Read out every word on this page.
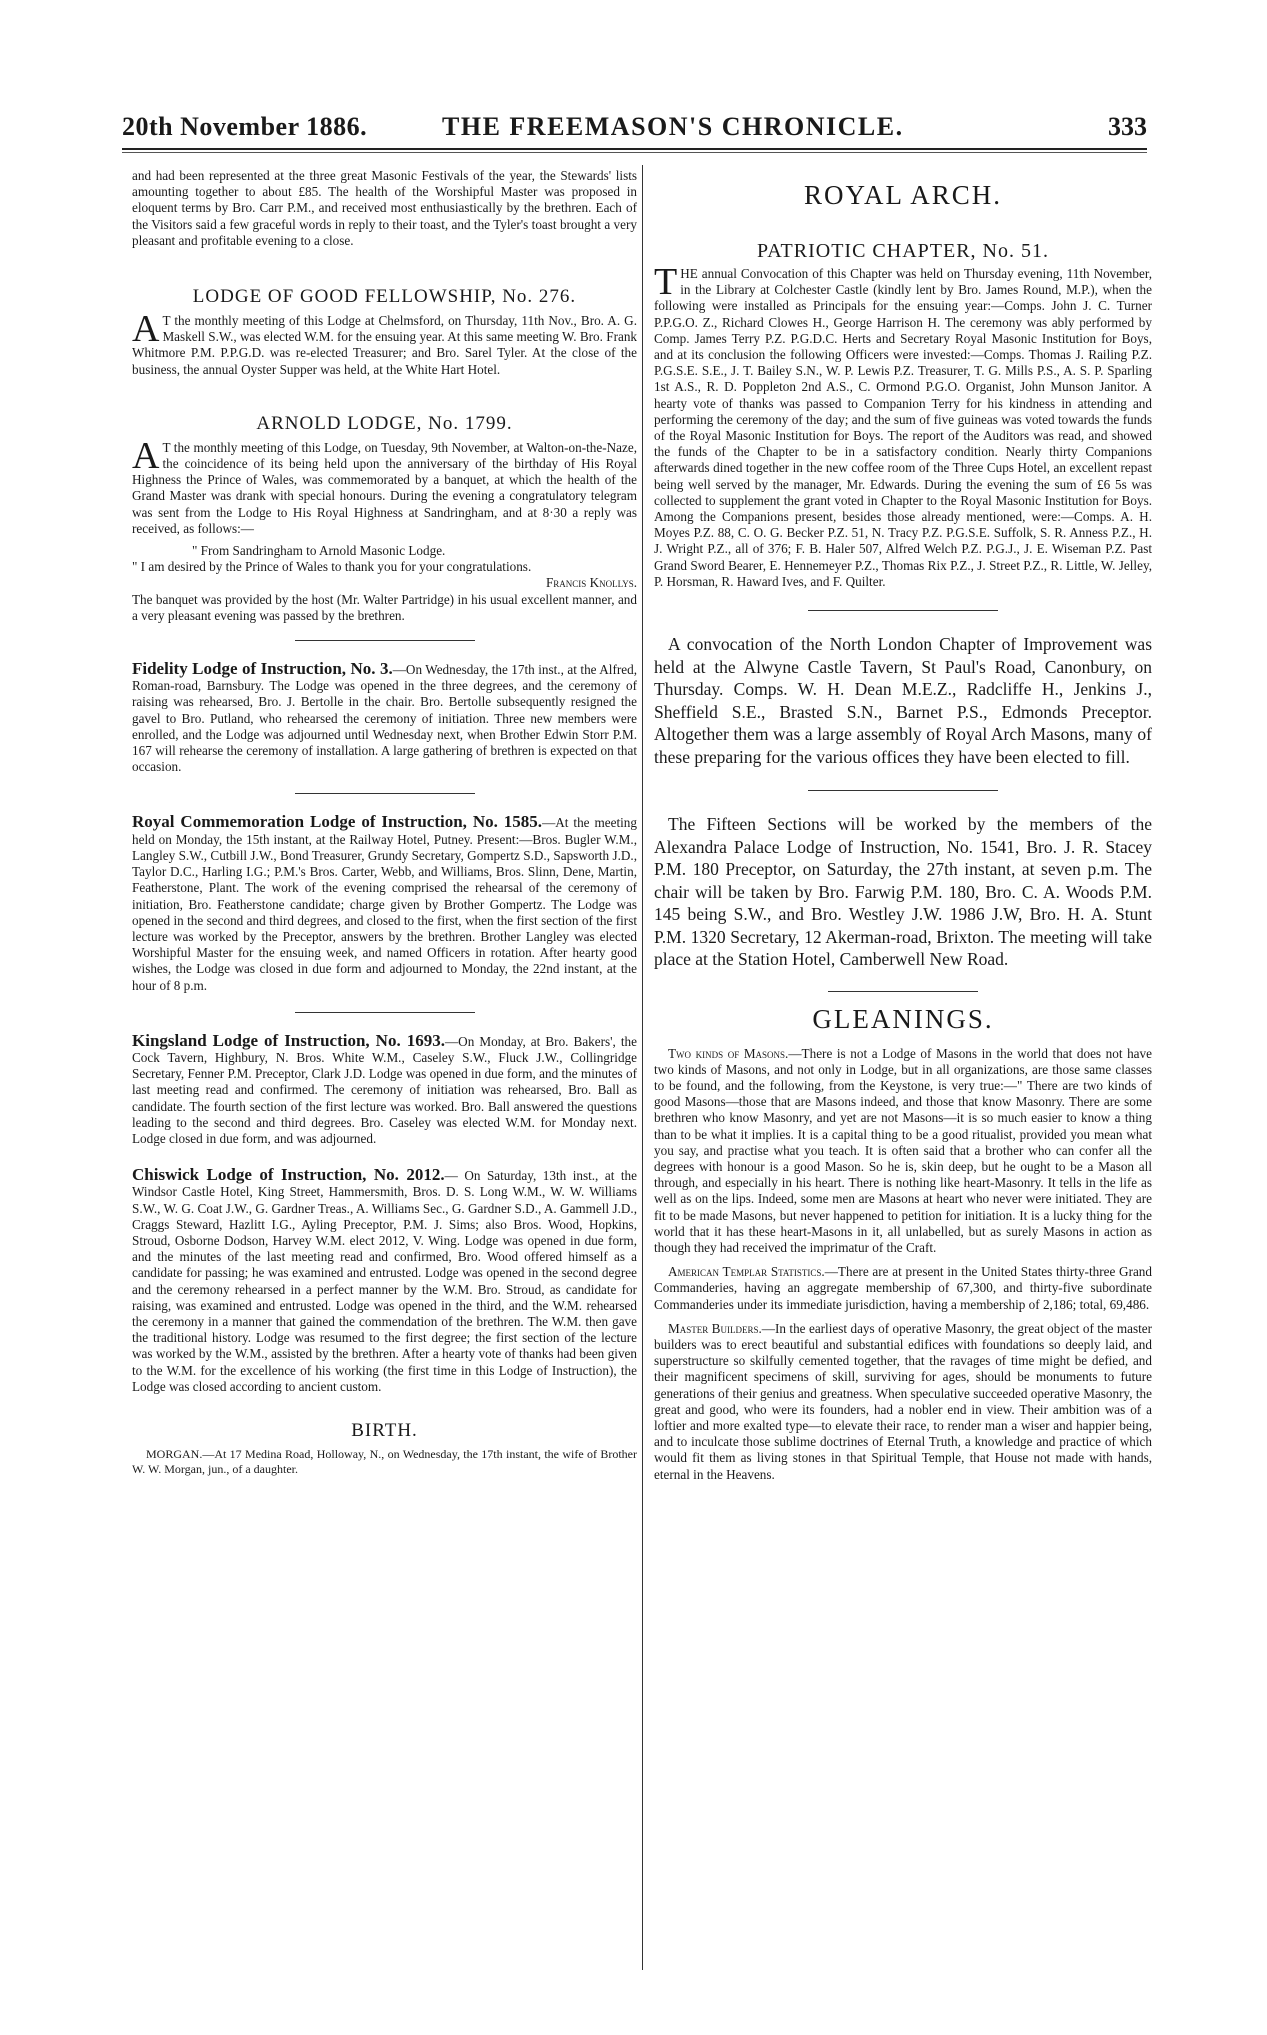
20th November 1886.	THE FREEMASON'S CHRONICLE.	333

and had been represented at the three great Masonic Festivals of the year, the Stewards' lists amounting together to about £85. The health of the Worshipful Master was proposed in eloquent terms by Bro. Carr P.M., and received most enthusiastically by the brethren. Each of the Visitors said a few graceful words in reply to their toast, and the Tyler's toast brought a very pleasant and profitable evening to a close.

LODGE OF GOOD FELLOWSHIP, No. 276.

A T the monthly meeting of this Lodge at Chelmsford, on Thursday, 11th Nov., Bro. A. G. Maskell S.W., was elected W.M. for the ensuing year. At this same meeting W. Bro. Frank Whitmore P.M. P.P.G.D. was re-elected Treasurer; and Bro. Sarel Tyler. At the close of the business, the annual Oyster Supper was held, at the White Hart Hotel.

ARNOLD LODGE, No. 1799.

A T the monthly meeting of this Lodge, on Tuesday, 9th November, at Walton-on-the-Naze, the coincidence of its being held upon the anniversary of the birthday of His Royal Highness the Prince of Wales, was commemorated by a banquet, at which the health of the Grand Master was drank with special honours. During the evening a congratulatory telegram was sent from the Lodge to His Royal Highness at Sandringham, and at 8·30 a reply was received, as follows:—

" From Sandringham to Arnold Masonic Lodge.

" I am desired by the Prince of Wales to thank you for your congratulations.

Francis Knollys.

The banquet was provided by the host (Mr. Walter Partridge) in his usual excellent manner, and a very pleasant evening was passed by the brethren.

Fidelity Lodge of Instruction, No. 3.—On Wednesday, the 17th inst., at the Alfred, Roman-road, Barnsbury. The Lodge was opened in the three degrees, and the ceremony of raising was rehearsed, Bro. J. Bertolle in the chair. Bro. Bertolle subsequently resigned the gavel to Bro. Putland, who rehearsed the ceremony of initiation. Three new members were enrolled, and the Lodge was adjourned until Wednesday next, when Brother Edwin Storr P.M. 167 will rehearse the ceremony of installation. A large gathering of brethren is expected on that occasion.

Royal Commemoration Lodge of Instruction, No. 1585.—At the meeting held on Monday, the 15th instant, at the Railway Hotel, Putney. Present:—Bros. Bugler W.M., Langley S.W., Cutbill J.W., Bond Treasurer, Grundy Secretary, Gompertz S.D., Sapsworth J.D., Taylor D.C., Harling I.G.; P.M.'s Bros. Carter, Webb, and Williams, Bros. Slinn, Dene, Martin, Featherstone, Plant. The work of the evening comprised the rehearsal of the ceremony of initiation, Bro. Featherstone candidate; charge given by Brother Gompertz. The Lodge was opened in the second and third degrees, and closed to the first, when the first section of the first lecture was worked by the Preceptor, answers by the brethren. Brother Langley was elected Worshipful Master for the ensuing week, and named Officers in rotation. After hearty good wishes, the Lodge was closed in due form and adjourned to Monday, the 22nd instant, at the hour of 8 p.m.

Kingsland Lodge of Instruction, No. 1693.—On Monday, at Bro. Bakers', the Cock Tavern, Highbury, N. Bros. White W.M., Caseley S.W., Fluck J.W., Collingridge Secretary, Fenner P.M. Preceptor, Clark J.D. Lodge was opened in due form, and the minutes of last meeting read and confirmed. The ceremony of initiation was rehearsed, Bro. Ball as candidate. The fourth section of the first lecture was worked. Bro. Ball answered the questions leading to the second and third degrees. Bro. Caseley was elected W.M. for Monday next. Lodge closed in due form, and was adjourned.

Chiswick Lodge of Instruction, No. 2012.— On Saturday, 13th inst., at the Windsor Castle Hotel, King Street, Hammersmith, Bros. D. S. Long W.M., W. W. Williams S.W., W. G. Coat J.W., G. Gardner Treas., A. Williams Sec., G. Gardner S.D., A. Gammell J.D., Craggs Steward, Hazlitt I.G., Ayling Preceptor, P.M. J. Sims; also Bros. Wood, Hopkins, Stroud, Osborne Dodson, Harvey W.M. elect 2012, V. Wing. Lodge was opened in due form, and the minutes of the last meeting read and confirmed, Bro. Wood offered himself as a candidate for passing; he was examined and entrusted. Lodge was opened in the second degree and the ceremony rehearsed in a perfect manner by the W.M. Bro. Stroud, as candidate for raising, was examined and entrusted. Lodge was opened in the third, and the W.M. rehearsed the ceremony in a manner that gained the commendation of the brethren. The W.M. then gave the traditional history. Lodge was resumed to the first degree; the first section of the lecture was worked by the W.M., assisted by the brethren. After a hearty vote of thanks had been given to the W.M. for the excellence of his working (the first time in this Lodge of Instruction), the Lodge was closed according to ancient custom.

BIRTH.

MORGAN.—At 17 Medina Road, Holloway, N., on Wednesday, the 17th instant, the wife of Brother W. W. Morgan, jun., of a daughter.

ROYAL ARCH.
PATRIOTIC CHAPTER, No. 51.

THE annual Convocation of this Chapter was held on Thursday evening, 11th November, in the Library at Colchester Castle (kindly lent by Bro. James Round, M.P.), when the following were installed as Principals for the ensuing year:—Comps. John J. C. Turner P.P.G.O. Z., Richard Clowes H., George Harrison H. The ceremony was ably performed by Comp. James Terry P.Z. P.G.D.C. Herts and Secretary Royal Masonic Institution for Boys, and at its conclusion the following Officers were invested:—Comps. Thomas J. Railing P.Z. P.G.S.E. S.E., J. T. Bailey S.N., W. P. Lewis P.Z. Treasurer, T. G. Mills P.S., A. S. P. Sparling 1st A.S., R. D. Poppleton 2nd A.S., C. Ormond P.G.O. Organist, John Munson Janitor. A hearty vote of thanks was passed to Companion Terry for his kindness in attending and performing the ceremony of the day; and the sum of five guineas was voted towards the funds of the Royal Masonic Institution for Boys. The report of the Auditors was read, and showed the funds of the Chapter to be in a satisfactory condition. Nearly thirty Companions afterwards dined together in the new coffee room of the Three Cups Hotel, an excellent repast being well served by the manager, Mr. Edwards. During the evening the sum of £6 5s was collected to supplement the grant voted in Chapter to the Royal Masonic Institution for Boys. Among the Companions present, besides those already mentioned, were:—Comps. A. H. Moyes P.Z. 88, C. O. G. Becker P.Z. 51, N. Tracy P.Z. P.G.S.E. Suffolk, S. R. Anness P.Z., H. J. Wright P.Z., all of 376; F. B. Haler 507, Alfred Welch P.Z. P.G.J., J. E. Wiseman P.Z. Past Grand Sword Bearer, E. Hennemeyer P.Z., Thomas Rix P.Z., J. Street P.Z., R. Little, W. Jelley, P. Horsman, R. Haward Ives, and F. Quilter.

A convocation of the North London Chapter of Improvement was held at the Alwyne Castle Tavern, St Paul's Road, Canonbury, on Thursday. Comps. W. H. Dean M.E.Z., Radcliffe H., Jenkins J., Sheffield S.E., Brasted S.N., Barnet P.S., Edmonds Preceptor. Altogether them was a large assembly of Royal Arch Masons, many of these preparing for the various offices they have been elected to fill.

The Fifteen Sections will be worked by the members of the Alexandra Palace Lodge of Instruction, No. 1541, Bro. J. R. Stacey P.M. 180 Preceptor, on Saturday, the 27th instant, at seven p.m. The chair will be taken by Bro. Farwig P.M. 180, Bro. C. A. Woods P.M. 145 being S.W., and Bro. Westley J.W. 1986 J.W, Bro. H. A. Stunt P.M. 1320 Secretary, 12 Akerman-road, Brixton. The meeting will take place at the Station Hotel, Camberwell New Road.

GLEANINGS.

Two kinds of Masons.—There is not a Lodge of Masons in the world that does not have two kinds of Masons, and not only in Lodge, but in all organizations, are those same classes to be found, and the following, from the Keystone, is very true:—" There are two kinds of good Masons—those that are Masons indeed, and those that know Masonry. There are some brethren who know Masonry, and yet are not Masons—it is so much easier to know a thing than to be what it implies. It is a capital thing to be a good ritualist, provided you mean what you say, and practise what you teach. It is often said that a brother who can confer all the degrees with honour is a good Mason. So he is, skin deep, but he ought to be a Mason all through, and especially in his heart. There is nothing like heart-Masonry. It tells in the life as well as on the lips. Indeed, some men are Masons at heart who never were initiated. They are fit to be made Masons, but never happened to petition for initiation. It is a lucky thing for the world that it has these heart-Masons in it, all unlabelled, but as surely Masons in action as though they had received the imprimatur of the Craft.

American Templar Statistics.—There are at present in the United States thirty-three Grand Commanderies, having an aggregate membership of 67,300, and thirty-five subordinate Commanderies under its immediate jurisdiction, having a membership of 2,186; total, 69,486.

Master Builders.—In the earliest days of operative Masonry, the great object of the master builders was to erect beautiful and substantial edifices with foundations so deeply laid, and superstructure so skilfully cemented together, that the ravages of time might be defied, and their magnificent specimens of skill, surviving for ages, should be monuments to future generations of their genius and greatness. When speculative succeeded operative Masonry, the great and good, who were its founders, had a nobler end in view. Their ambition was of a loftier and more exalted type—to elevate their race, to render man a wiser and happier being, and to inculcate those sublime doctrines of Eternal Truth, a knowledge and practice of which would fit them as living stones in that Spiritual Temple, that House not made with hands, eternal in the Heavens.
